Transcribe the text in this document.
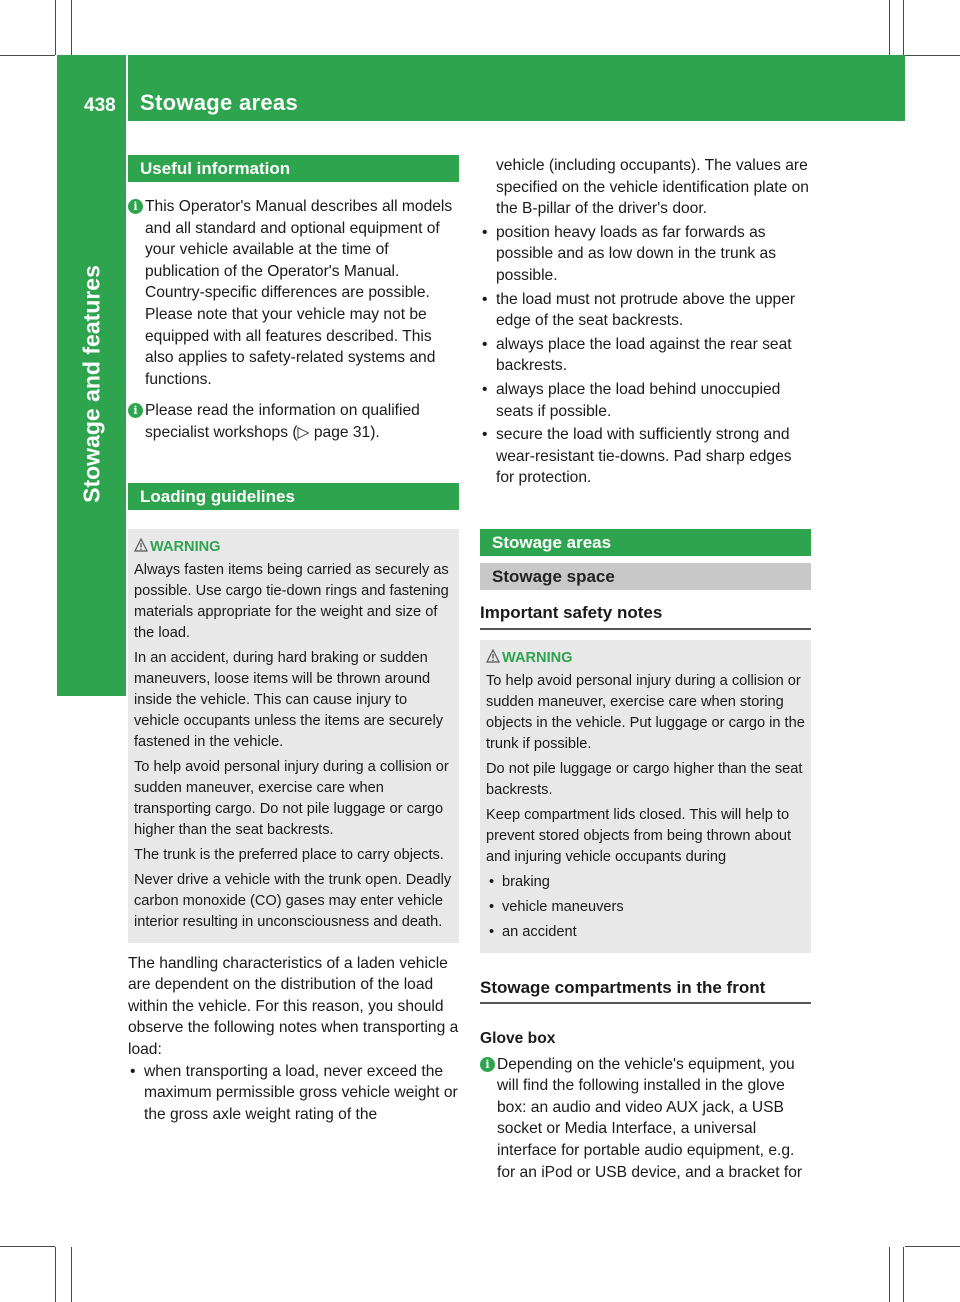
438 Stowage areas
Stowage and features
Useful information
i This Operator's Manual describes all models and all standard and optional equipment of your vehicle available at the time of publication of the Operator's Manual. Country-specific differences are possible. Please note that your vehicle may not be equipped with all features described. This also applies to safety-related systems and functions.
i Please read the information on qualified specialist workshops (▷ page 31).
Loading guidelines
WARNING

Always fasten items being carried as securely as possible. Use cargo tie-down rings and fastening materials appropriate for the weight and size of the load.

In an accident, during hard braking or sudden maneuvers, loose items will be thrown around inside the vehicle. This can cause injury to vehicle occupants unless the items are securely fastened in the vehicle.

To help avoid personal injury during a collision or sudden maneuver, exercise care when transporting cargo. Do not pile luggage or cargo higher than the seat backrests.

The trunk is the preferred place to carry objects.

Never drive a vehicle with the trunk open. Deadly carbon monoxide (CO) gases may enter vehicle interior resulting in unconsciousness and death.

The handling characteristics of a laden vehicle are dependent on the distribution of the load within the vehicle. For this reason, you should observe the following notes when transporting a load:

• when transporting a load, never exceed the maximum permissible gross vehicle weight or the gross axle weight rating of the
vehicle (including occupants). The values are specified on the vehicle identification plate on the B-pillar of the driver's door.
• position heavy loads as far forwards as possible and as low down in the trunk as possible.
• the load must not protrude above the upper edge of the seat backrests.
• always place the load against the rear seat backrests.
• always place the load behind unoccupied seats if possible.
• secure the load with sufficiently strong and wear-resistant tie-downs. Pad sharp edges for protection.
Stowage areas
Stowage space
Important safety notes
WARNING

To help avoid personal injury during a collision or sudden maneuver, exercise care when storing objects in the vehicle. Put luggage or cargo in the trunk if possible.

Do not pile luggage or cargo higher than the seat backrests.

Keep compartment lids closed. This will help to prevent stored objects from being thrown about and injuring vehicle occupants during

• braking
• vehicle maneuvers
• an accident
Stowage compartments in the front
Glove box
i Depending on the vehicle's equipment, you will find the following installed in the glove box: an audio and video AUX jack, a USB socket or Media Interface, a universal interface for portable audio equipment, e.g. for an iPod or USB device, and a bracket for
